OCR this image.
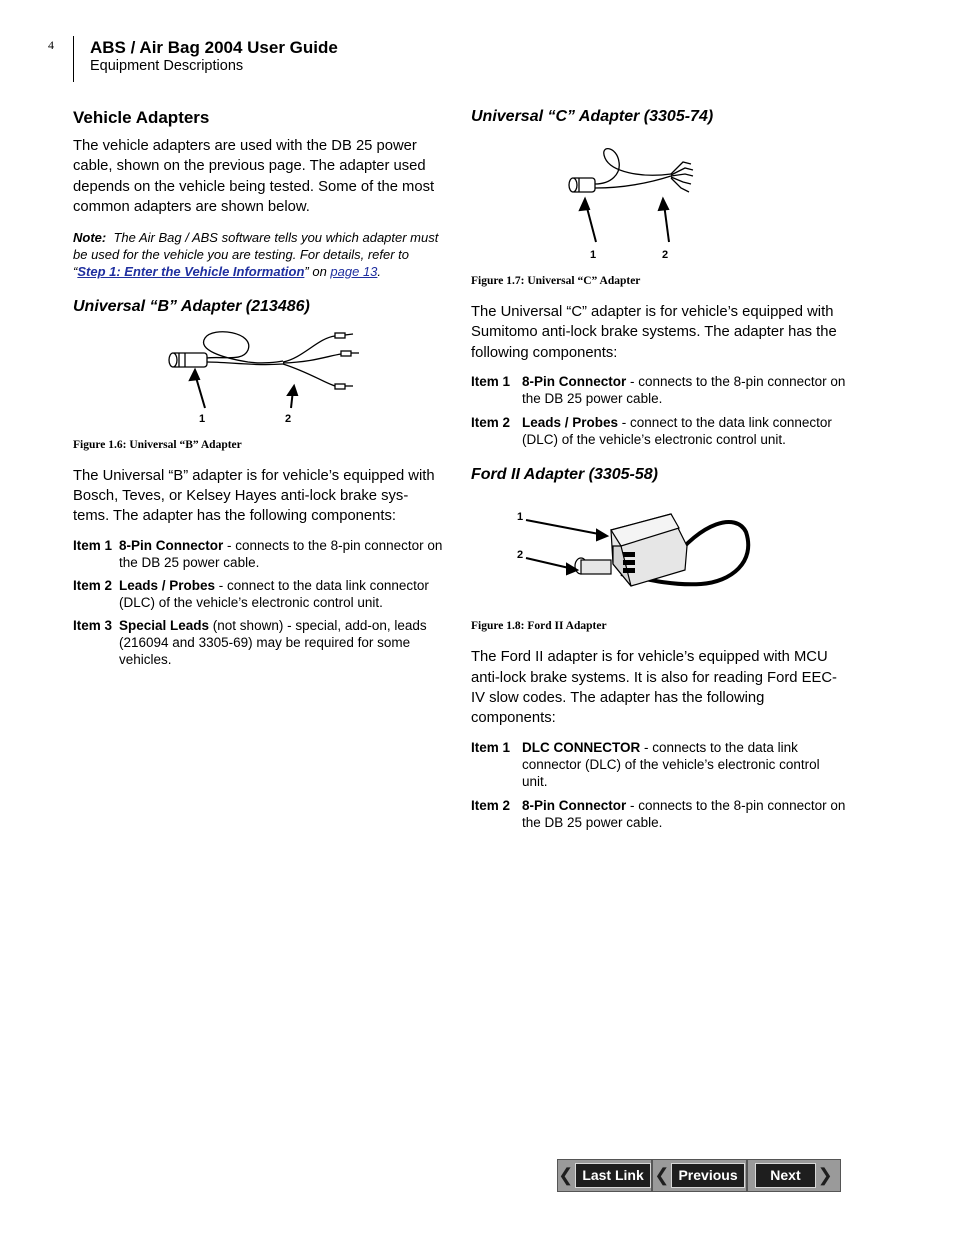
4 ABS / Air Bag 2004 User Guide
Equipment Descriptions
Vehicle Adapters

The vehicle adapters are used with the DB 25 power cable, shown on the previous page. The adapter used depends on the vehicle being tested. Some of the most common adapters are shown below.

Note: The Air Bag / ABS software tells you which adapter must be used for the vehicle you are testing. For details, refer to “Step 1: Enter the Vehicle Information” on page 13.

Universal “B” Adapter (213486)
1	2

Figure 1.6: Universal “B” Adapter

The Universal “B” adapter is for vehicle’s equipped with Bosch, Teves, or Kelsey Hayes anti-lock brake sys-tems. The adapter has the following components:

Item 1 8-Pin Connector - connects to the 8-pin connector on the DB 25 power cable.
Item 2 Leads / Probes - connect to the data link connector (DLC) of the vehicle’s electronic control unit.
Item 3 Special Leads (not shown) - special, add-on, leads (216094 and 3305-69) may be required for some vehicles.
Universal “C” Adapter (3305-74)
1	2

Figure 1.7: Universal “C” Adapter

The Universal “C” adapter is for vehicle’s equipped with Sumitomo anti-lock brake systems. The adapter has the following components:

Item 1 8-Pin Connector - connects to the 8-pin connector on the DB 25 power cable.
Item 2 Leads / Probes - connect to the data link connector (DLC) of the vehicle’s electronic control unit.
Ford II Adapter (3305-58)
1
2

Figure 1.8: Ford II Adapter

The Ford II adapter is for vehicle’s equipped with MCU anti-lock brake systems. It is also for reading Ford EEC-IV slow codes. The adapter has the following components:

Item 1 DLC CONNECTOR - connects to the data link connector (DLC) of the vehicle’s electronic control unit.
Item 2 8-Pin Connector - connects to the 8-pin connector on the DB 25 power cable.
❮ Last Link ❮ Previous	Next ❯
